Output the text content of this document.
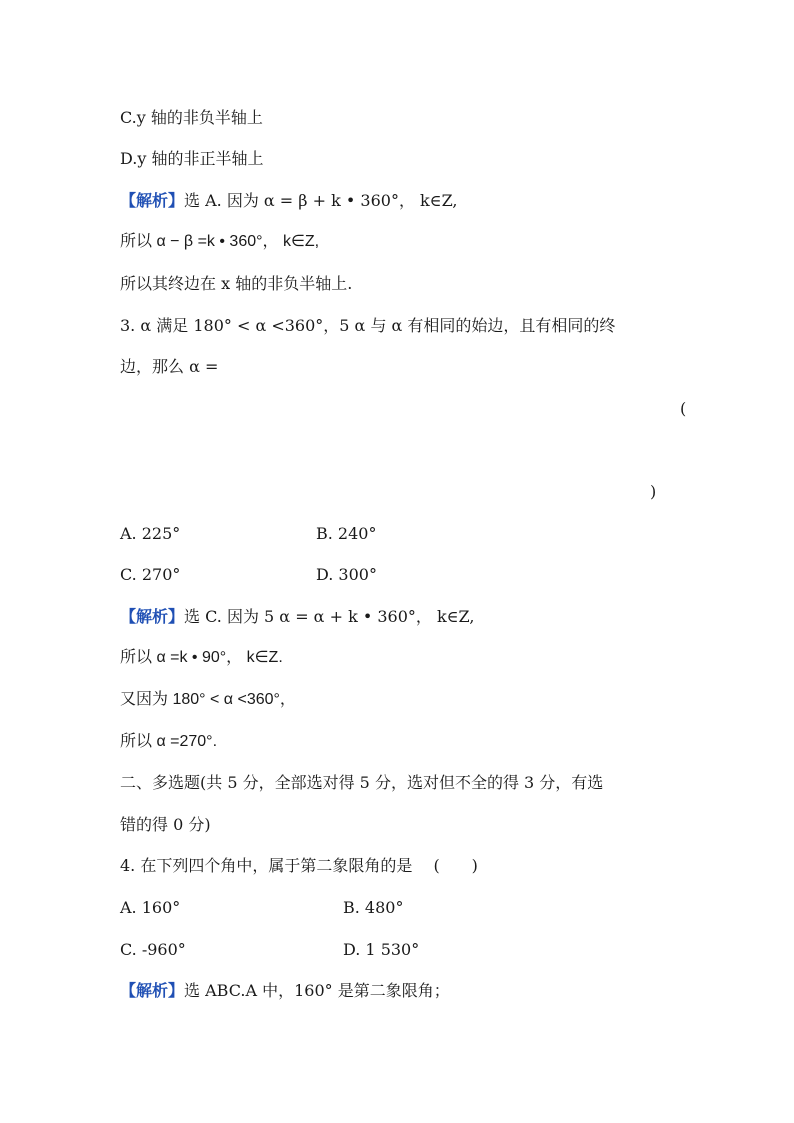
C.y 轴的非负半轴上
D.y 轴的非正半轴上
【解析】选 A. 因为 α = β + k • 360°， k∈Z,
所以 α − β =k • 360°， k∈Z,
所以其终边在 x 轴的非负半轴上.
3. α 满足 180° < α <360°，5 α 与 α 有相同的始边，且有相同的终
边，那么 α =
(
)
A. 225°	B. 240°
C. 270°	D. 300°
【解析】选 C. 因为 5 α = α + k • 360°， k∈Z,
所以 α =k • 90°， k∈Z.
又因为 180° < α <360°，
所以 α =270°.
二、多选题(共 5 分，全部选对得 5 分，选对但不全的得 3 分，有选
错的得 0 分)
4. 在下列四个角中，属于第二象限角的是　 (　　)
A. 160°	B. 480°
C. -960°	D. 1 530°
【解析】选 ABC.A 中，160° 是第二象限角；
